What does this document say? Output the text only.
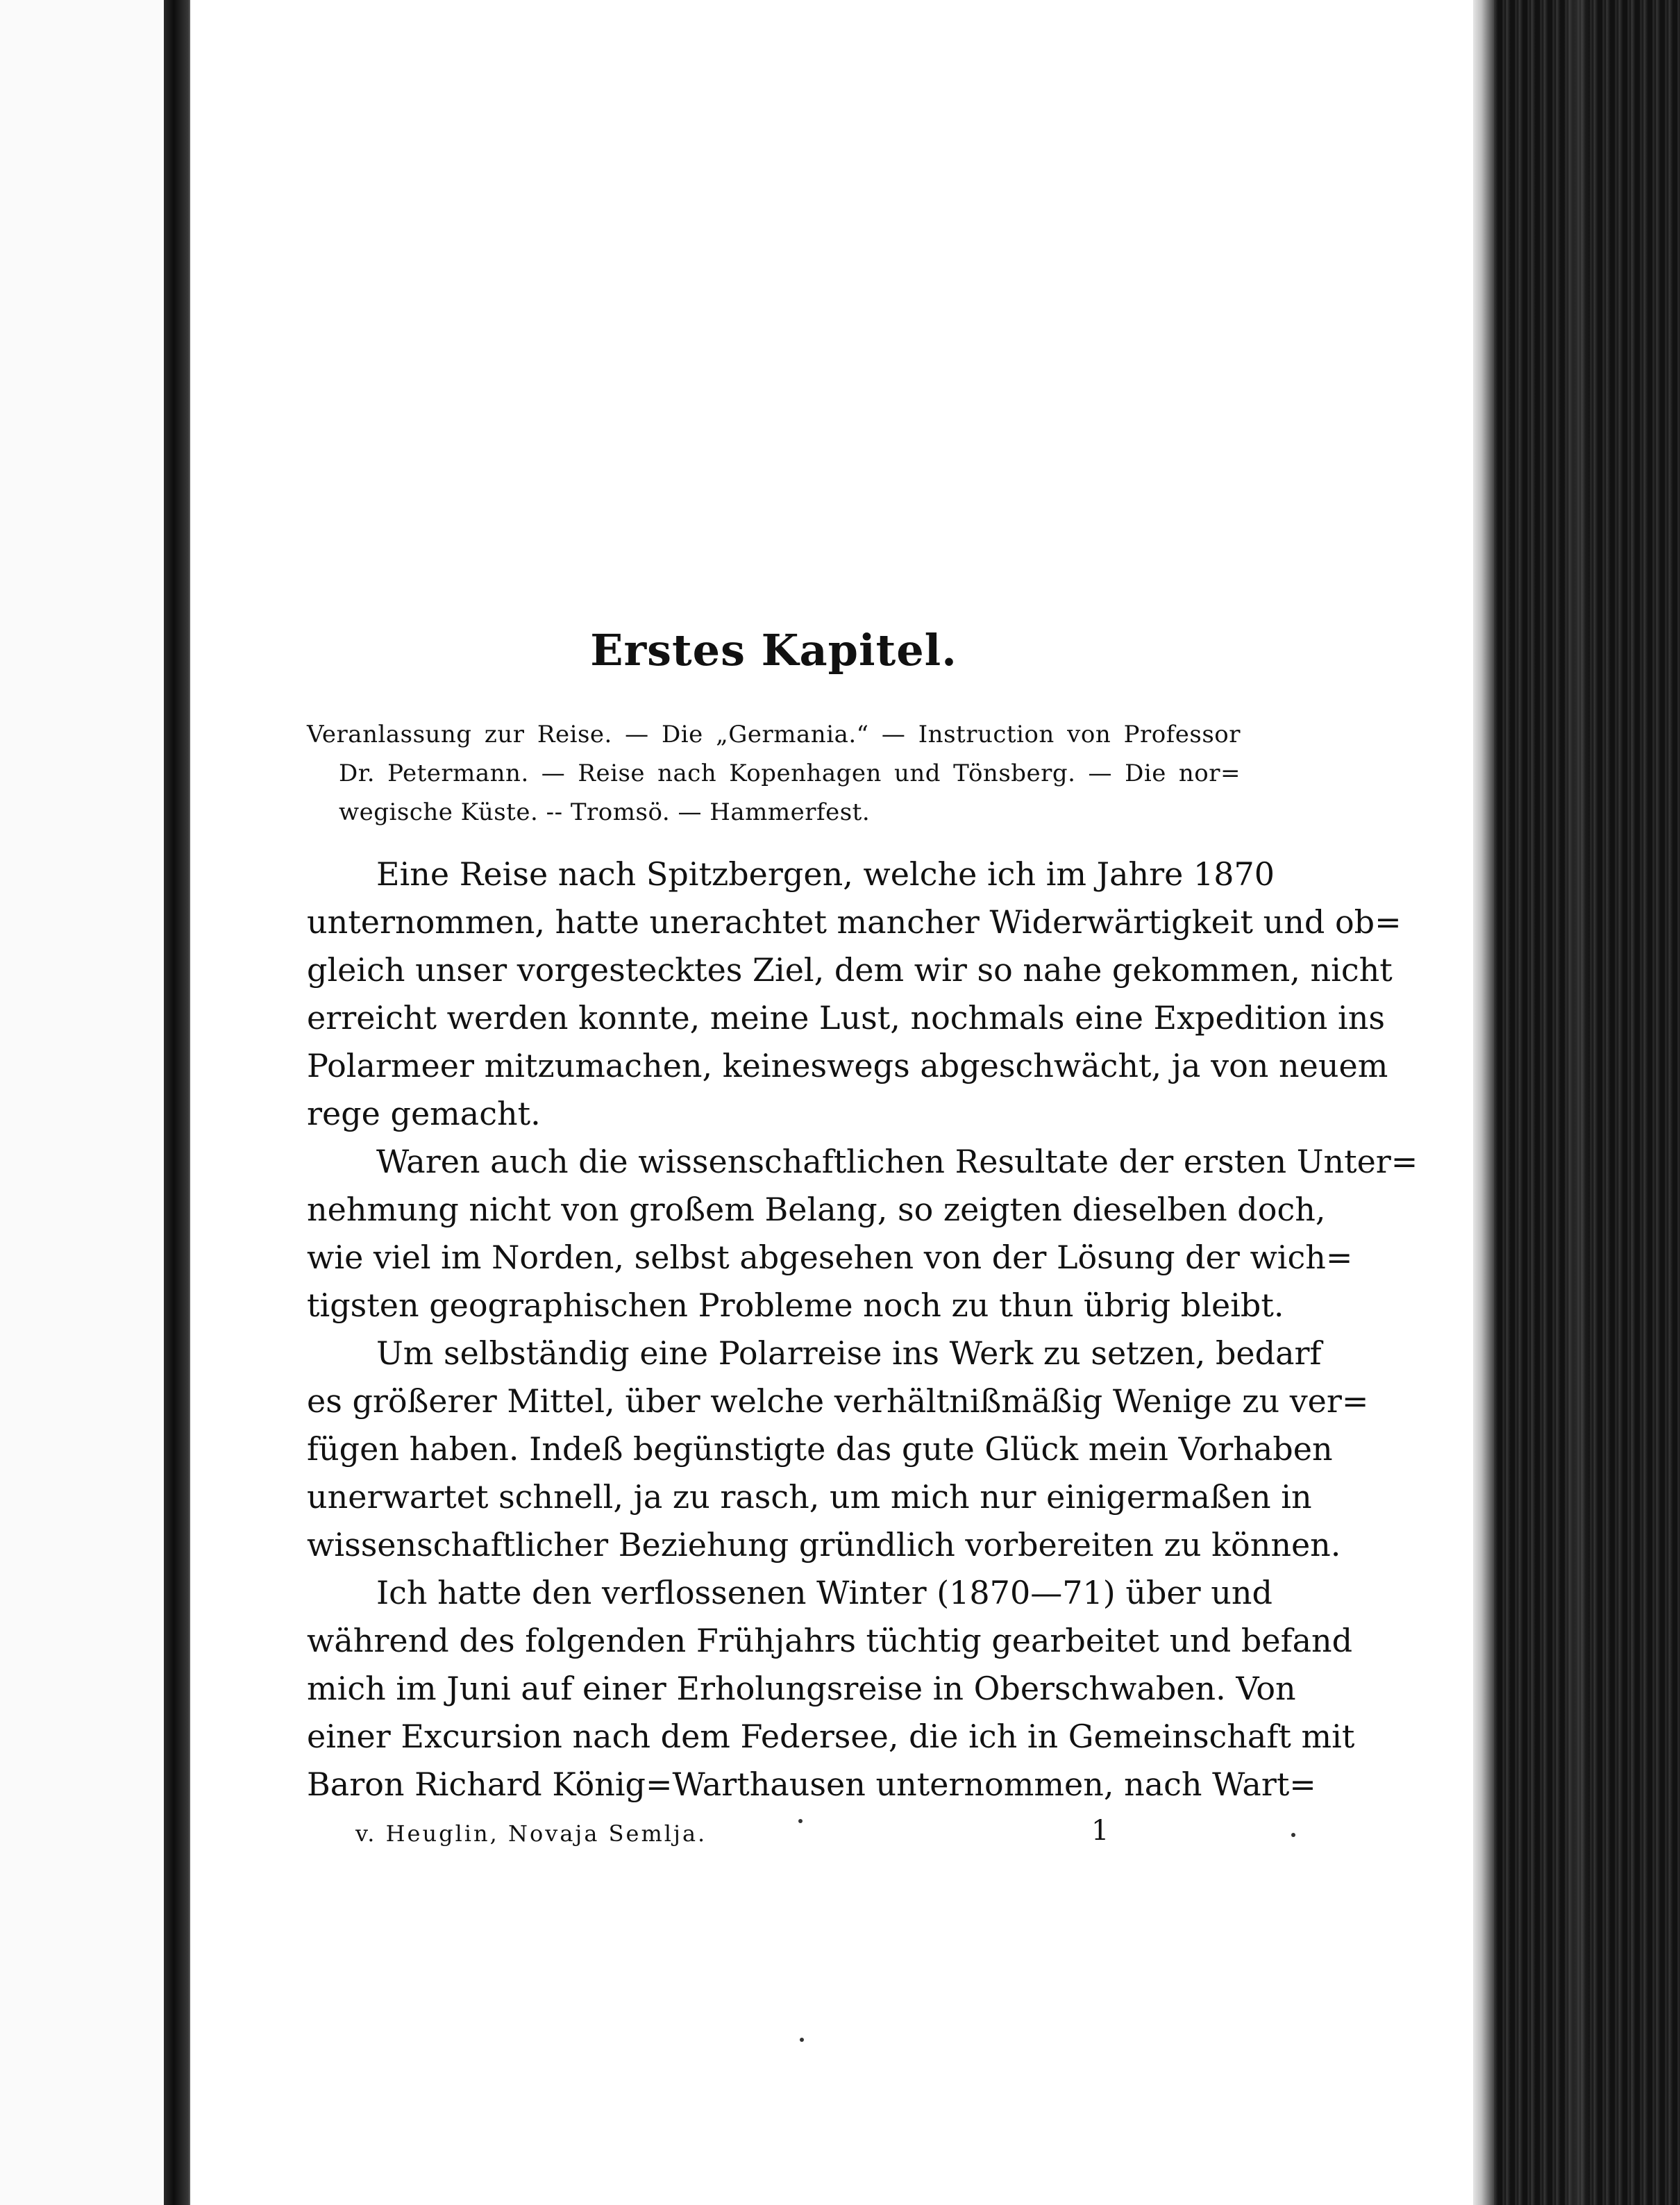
Erstes Kapitel.
Veranlassung zur Reise. — Die „Germania.“ — Instruction von Professor
Dr. Petermann. — Reise nach Kopenhagen und Tönsberg. — Die nor=
wegische Küste. -- Tromsö. — Hammerfest.
Eine Reise nach Spitzbergen, welche ich im Jahre 1870
unternommen, hatte unerachtet mancher Widerwärtigkeit und ob=
gleich unser vorgestecktes Ziel, dem wir so nahe gekommen, nicht
erreicht werden konnte, meine Lust, nochmals eine Expedition ins
Polarmeer mitzumachen, keineswegs abgeschwächt, ja von neuem
rege gemacht.
Waren auch die wissenschaftlichen Resultate der ersten Unter=
nehmung nicht von großem Belang, so zeigten dieselben doch,
wie viel im Norden, selbst abgesehen von der Lösung der wich=
tigsten geographischen Probleme noch zu thun übrig bleibt.
Um selbständig eine Polarreise ins Werk zu setzen, bedarf
es größerer Mittel, über welche verhältnißmäßig Wenige zu ver=
fügen haben. Indeß begünstigte das gute Glück mein Vorhaben
unerwartet schnell, ja zu rasch, um mich nur einigermaßen in
wissenschaftlicher Beziehung gründlich vorbereiten zu können.
Ich hatte den verflossenen Winter (1870—71) über und
während des folgenden Frühjahrs tüchtig gearbeitet und befand
mich im Juni auf einer Erholungsreise in Oberschwaben. Von
einer Excursion nach dem Federsee, die ich in Gemeinschaft mit
Baron Richard König=Warthausen unternommen, nach Wart=
v. Heuglin, Novaja Semlja.	1
